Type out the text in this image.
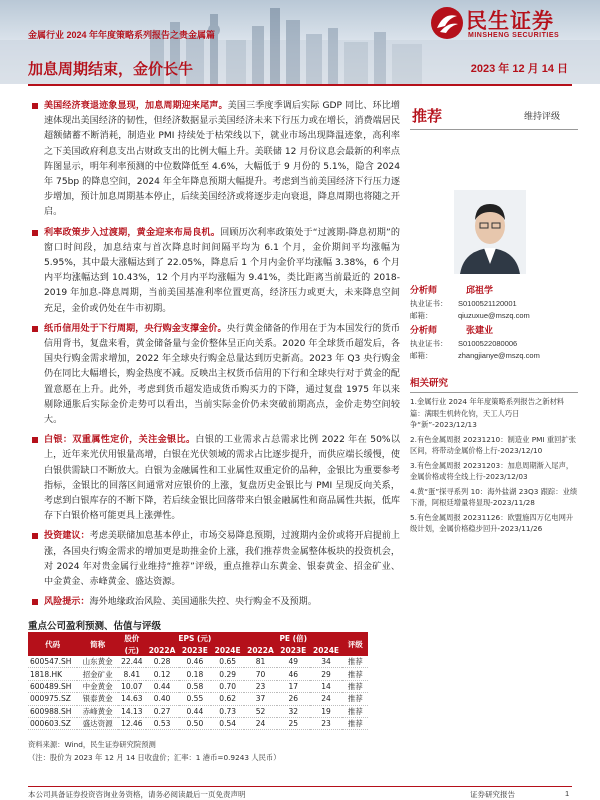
金属行业 2024 年年度策略系列报告之贵金属篇
加息周期结束，金价长牛	2023 年 12 月 14 日
民生证券
MINSHENG SECURITIES
美国经济衰退迹象显现，加息周期迎来尾声。美国三季度季调后实际 GDP 同比、环比增速体现出美国经济的韧性，但经济数据显示美国经济未来下行压力或在增长，消费端居民超额储蓄不断消耗，制造业 PMI 持续处于枯荣线以下，就业市场出现降温迹象，高利率之下美国政府利息支出占财政支出的比例大幅上升。美联储 12 月份议息会最新的利率点阵图显示，明年利率预测的中位数降低至 4.6%，大幅低于 9 月份的 5.1%，隐含 2024 年 75bp 的降息空间，2024 年全年降息预期大幅提升。考虑到当前美国经济下行压力逐步增加，预计加息周期基本停止，后续美国经济或将逐步走向衰退，降息周期也将随之开启。
利率政策步入过渡期，黄金迎来布局良机。回顾历次利率政策处于“过渡期-降息初期”的窗口时间段，加息结束与首次降息时间间隔平均为 6.1 个月，金价期间平均涨幅为 5.95%，其中最大涨幅达到了 22.05%，降息后 1 个月内金价平均涨幅 3.38%，6 个月内平均涨幅达到 10.43%，12 个月内平均涨幅为 9.41%，类比距离当前最近的 2018-2019 年加息-降息周期，当前美国基准利率位置更高，经济压力或更大，未来降息空间充足，金价或仍处在牛市初期。
纸币信用处于下行周期，央行购金支撑金价。央行黄金储备的作用在于为本国发行的货币信用背书，复盘来看，黄金储备量与金价整体呈正向关系。2020 年全球货币超发后，各国央行购金需求增加，2022 年全球央行购金总量达到历史新高。2023 年 Q3 央行购金仍在同比大幅增长，购金热度不减。反映出主权货币信用的下行和全球央行对于黄金的配置意愿在上升。此外，考虑到货币超发造成货币购买力的下降，通过复盘 1975 年以来剔除通胀后实际金价走势可以看出，当前实际金价仍未突破前期高点，金价走势空间较大。
白银：双重属性定价，关注金银比。白银的工业需求占总需求比例 2022 年在 50%以上，近年来光伏用银量高增，白银在光伏领域的需求占比逐步提升，而供应端长缓慢，使白银供需缺口不断放大。白银为金融属性和工业属性双重定价的品种，金银比为重要参考指标，金银比的回落区间通常对应银价的上涨，复盘历史金银比与 PMI 呈现反向关系，考虑到白银库存的不断下降，若后续金银比回落带来白银金融属性和商品属性共振，低库存下白银价格可能更具上涨弹性。
投资建议：考虑美联储加息基本停止，市场交易降息预期，过渡期内金价或将开启提前上涨，各国央行购金需求的增加更是助推金价上涨，我们推荐贵金属整体板块的投资机会，对 2024 年对贵金属行业维持“推荐”评级，重点推荐山东黄金、银泰黄金、招金矿业、中金黄金、赤峰黄金、盛达资源。
风险提示：海外地缘政治风险、美国通胀失控、央行购金不及预期。
推荐	维持评级
分析师	邱祖学
执业证书： S0100521120001
邮箱：	qiuzuxue@mszq.com
分析师	张建业
执业证书： S0100522080006
邮箱：	zhangjianye@mszq.com
相关研究
1.金属行业 2024 年年度策略系列报告之新材料篇：满眼生机转化钧，天工人巧日争“新”-2023/12/13
2.有色金属周报 20231210：制造业 PMI 重回扩张区间，将带动金属价格上行-2023/12/10
3.有色金属周报 20231203：加息周期渐入尾声，金属价格或将全线上行-2023/12/03
4.黄“蛋”探寻系列 10：海外盐湖 23Q3 跟踪：业绩下滑，阿根廷增量将显现-2023/11/28
5.有色金属周报 20231126：欧盟施四万亿电网升级计划，金属价格稳步回升-2023/11/26
重点公司盈利预测、估值与评级
代码	简称	股价	EPS (元)			PE (倍)			评级
		(元)	2022A	2023E	2024E	2022A	2023E	2024E	
600547.SH	山东黄金	22.44	0.28	0.46	0.65	81	49	34	推荐
1818.HK	招金矿业	8.41	0.12	0.18	0.29	70	46	29	推荐
600489.SH	中金黄金	10.07	0.44	0.58	0.70	23	17	14	推荐
000975.SZ	银泰黄金	14.63	0.40	0.55	0.62	37	26	24	推荐
600988.SH	赤峰黄金	14.13	0.27	0.44	0.73	52	32	19	推荐
000603.SZ	盛达资源	12.46	0.53	0.50	0.54	24	25	23	推荐
资料来源：Wind，民生证券研究院预测
（注：股价为 2023 年 12 月 14 日收盘价；汇率：1 港币=0.9243 人民币）
本公司具备证券投资咨询业务资格，请务必阅读最后一页免责声明	证券研究报告	1
